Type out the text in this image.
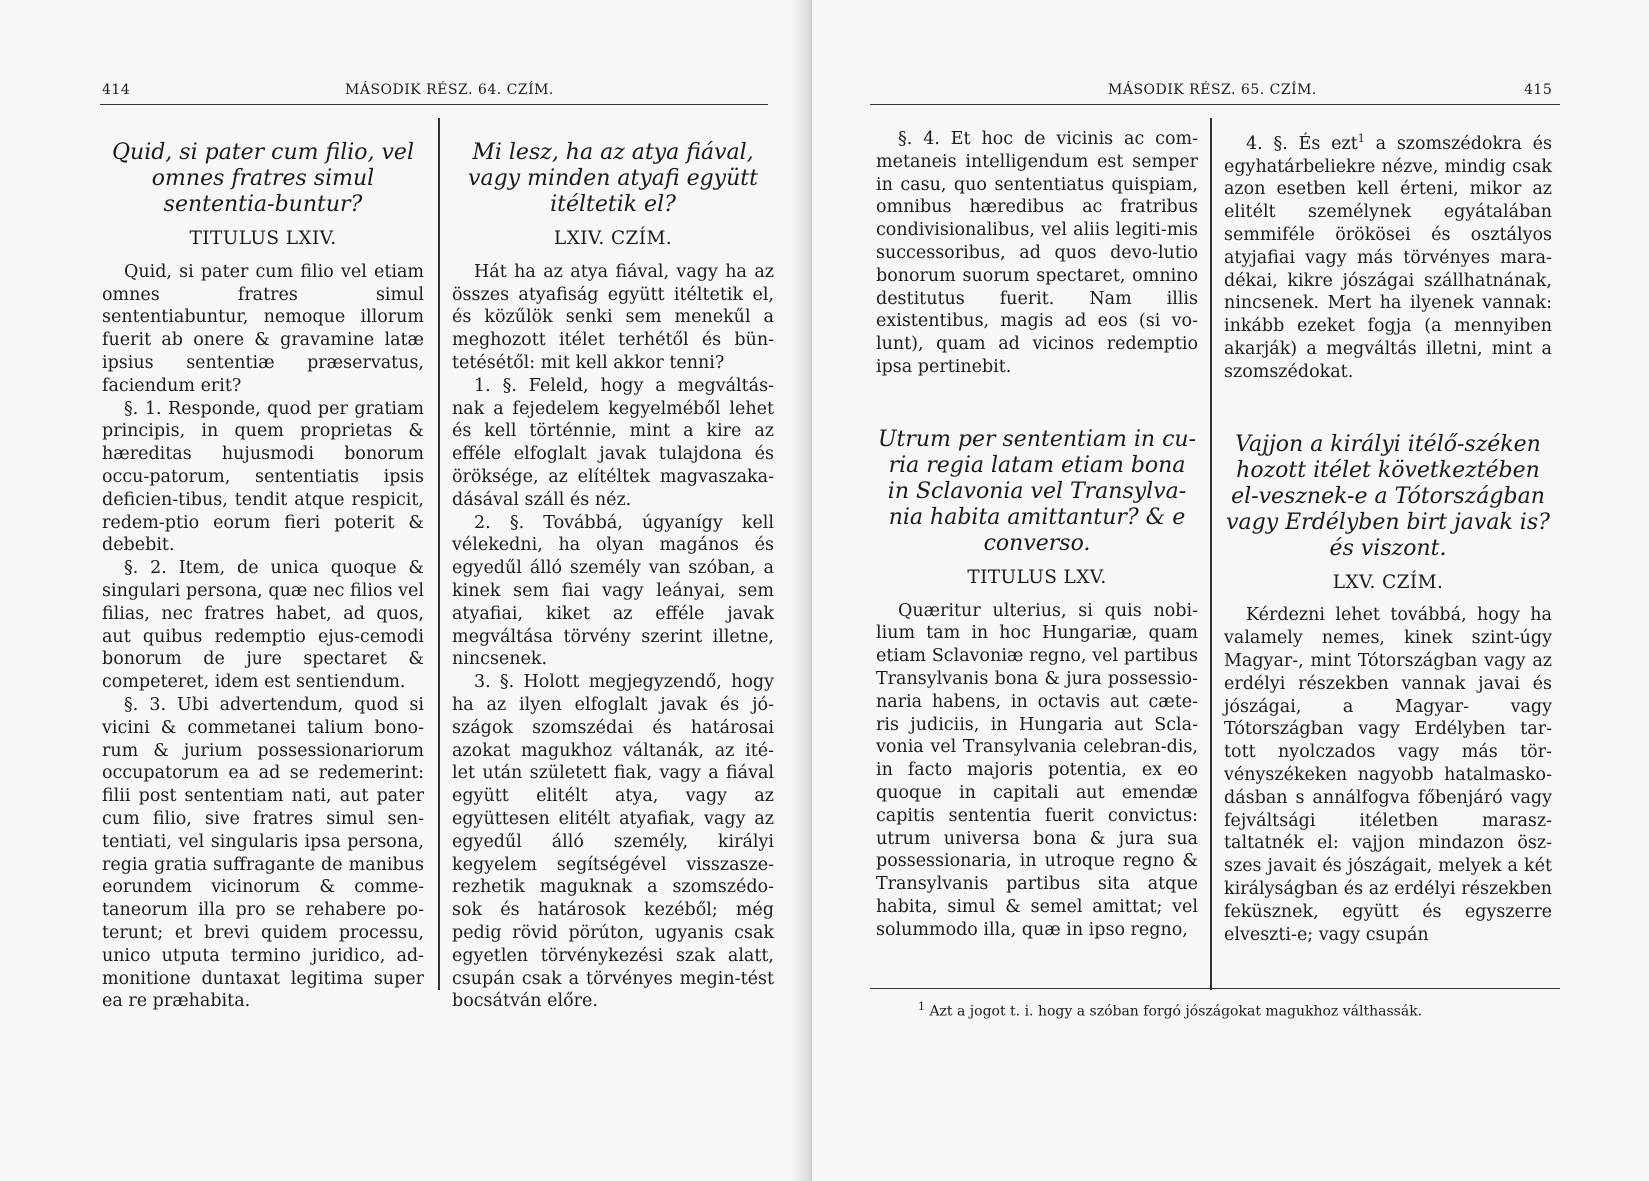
414	MÁSODIK RÉSZ. 64. CZÍM.
Quid, si pater cum filio, vel omnes fratres simul sententia-buntur?
TITULUS LXIV.

Quid, si pater cum filio vel etiam omnes fratres simul sententiabuntur, nemoque illorum fuerit ab onere & gravamine latæ ipsius sententiæ præservatus, faciendum erit?

§. 1. Responde, quod per gratiam principis, in quem proprietas & hæreditas hujusmodi bonorum occu-patorum, sententiatis ipsis deficien-tibus, tendit atque respicit, redem-ptio eorum fieri poterit & debebit.

§. 2. Item, de unica quoque & singulari persona, quæ nec filios vel filias, nec fratres habet, ad quos, aut quibus redemptio ejus-cemodi bonorum de jure spectaret & competeret, idem est sentiendum.

§. 3. Ubi advertendum, quod si vicini & commetanei talium bono-rum & jurium possessionariorum occupatorum ea ad se redemerint: filii post sententiam nati, aut pater cum filio, sive fratres simul sen-tentiati, vel singularis ipsa persona, regia gratia suffragante de manibus eorundem vicinorum & comme-taneorum illa pro se rehabere po-terunt; et brevi quidem processu, unico utputa termino juridico, ad-monitione duntaxat legitima super ea re præhabita.

Mi lesz, ha az atya fiával, vagy minden atyafi együtt itéltetik el?
LXIV. CZÍM.

Hát ha az atya fiával, vagy ha az összes atyafiság együtt itéltetik el, és közűlök senki sem menekűl a meghozott itélet terhétől és bün-tetésétől: mit kell akkor tenni?

1. §. Feleld, hogy a megváltás-nak a fejedelem kegyelméből lehet és kell történnie, mint a kire az efféle elfoglalt javak tulajdona és öröksége, az elítéltek magvaszaka-dásával száll és néz.

2. §. Továbbá, úgyanígy kell vélekedni, ha olyan magános és egyedűl álló személy van szóban, a kinek sem fiai vagy leányai, sem atyafiai, kiket az efféle javak megváltása törvény szerint illetne, nincsenek.

3. §. Holott megjegyzendő, hogy ha az ilyen elfoglalt javak és jó-szágok szomszédai és határosai azokat magukhoz váltanák, az ité-let után született fiak, vagy a fiával együtt elitélt atya, vagy az együttesen elitélt atyafiak, vagy az egyedűl álló személy, királyi kegyelem segítségével visszasze-rezhetik maguknak a szomszédo-sok és határosok kezéből; még pedig rövid pörúton, ugyanis csak egyetlen törvénykezési szak alatt, csupán csak a törvényes megin-tést bocsátván előre.

MÁSODIK RÉSZ. 65. CZÍM.	415

§. 4. Et hoc de vicinis ac com-metaneis intelligendum est semper in casu, quo sententiatus quispiam, omnibus hæredibus ac fratribus condivisionalibus, vel aliis legiti-mis successoribus, ad quos devo-lutio bonorum suorum spectaret, omnino destitutus fuerit. Nam illis existentibus, magis ad eos (si vo-lunt), quam ad vicinos redemptio ipsa pertinebit.

Utrum per sententiam in cu-ria regia latam etiam bona in Sclavonia vel Transylva-nia habita amittantur? & e converso.
TITULUS LXV.

Quæritur ulterius, si quis nobi-lium tam in hoc Hungariæ, quam etiam Sclavoniæ regno, vel partibus Transylvanis bona & jura possessio-naria habens, in octavis aut cæte-ris judiciis, in Hungaria aut Scla-vonia vel Transylvania celebran-dis, in facto majoris potentia, ex eo quoque in capitali aut emendæ capitis sententia fuerit convictus: utrum universa bona & jura sua possessionaria, in utroque regno & Transylvanis partibus sita atque habita, simul & semel amittat; vel solummodo illa, quæ in ipso regno,

4. §. És ezt$^1$ a szomszédokra és egyhatárbeliekre nézve, mindig csak azon esetben kell érteni, mikor az elitélt személynek egyátalában semmiféle örökösei és osztályos atyjafiai vagy más törvényes mara-dékai, kikre jószágai szállhatnának, nincsenek. Mert ha ilyenek vannak: inkább ezeket fogja (a mennyiben akarják) a megváltás illetni, mint a szomszédokat.

Vajjon a királyi itélő-széken hozott itélet következtében el-vesznek-e a Tótországban vagy Erdélyben birt javak is? és viszont.
LXV. CZÍM.

Kérdezni lehet továbbá, hogy ha valamely nemes, kinek szint-úgy Magyar-, mint Tótországban vagy az erdélyi részekben vannak javai és jószágai, a Magyar- vagy Tótországban vagy Erdélyben tar-tott nyolczados vagy más tör-vényszékeken nagyobb hatalmasko-dásban s annálfogva főbenjáró vagy fejváltsági itéletben marasz-taltatnék el: vajjon mindazon ösz-szes javait és jószágait, melyek a két királyságban és az erdélyi részekben feküsznek, együtt és egyszerre elveszti-e; vagy csupán

$^1$ Azt a jogot t. i. hogy a szóban forgó jószágokat magukhoz válthassák.
